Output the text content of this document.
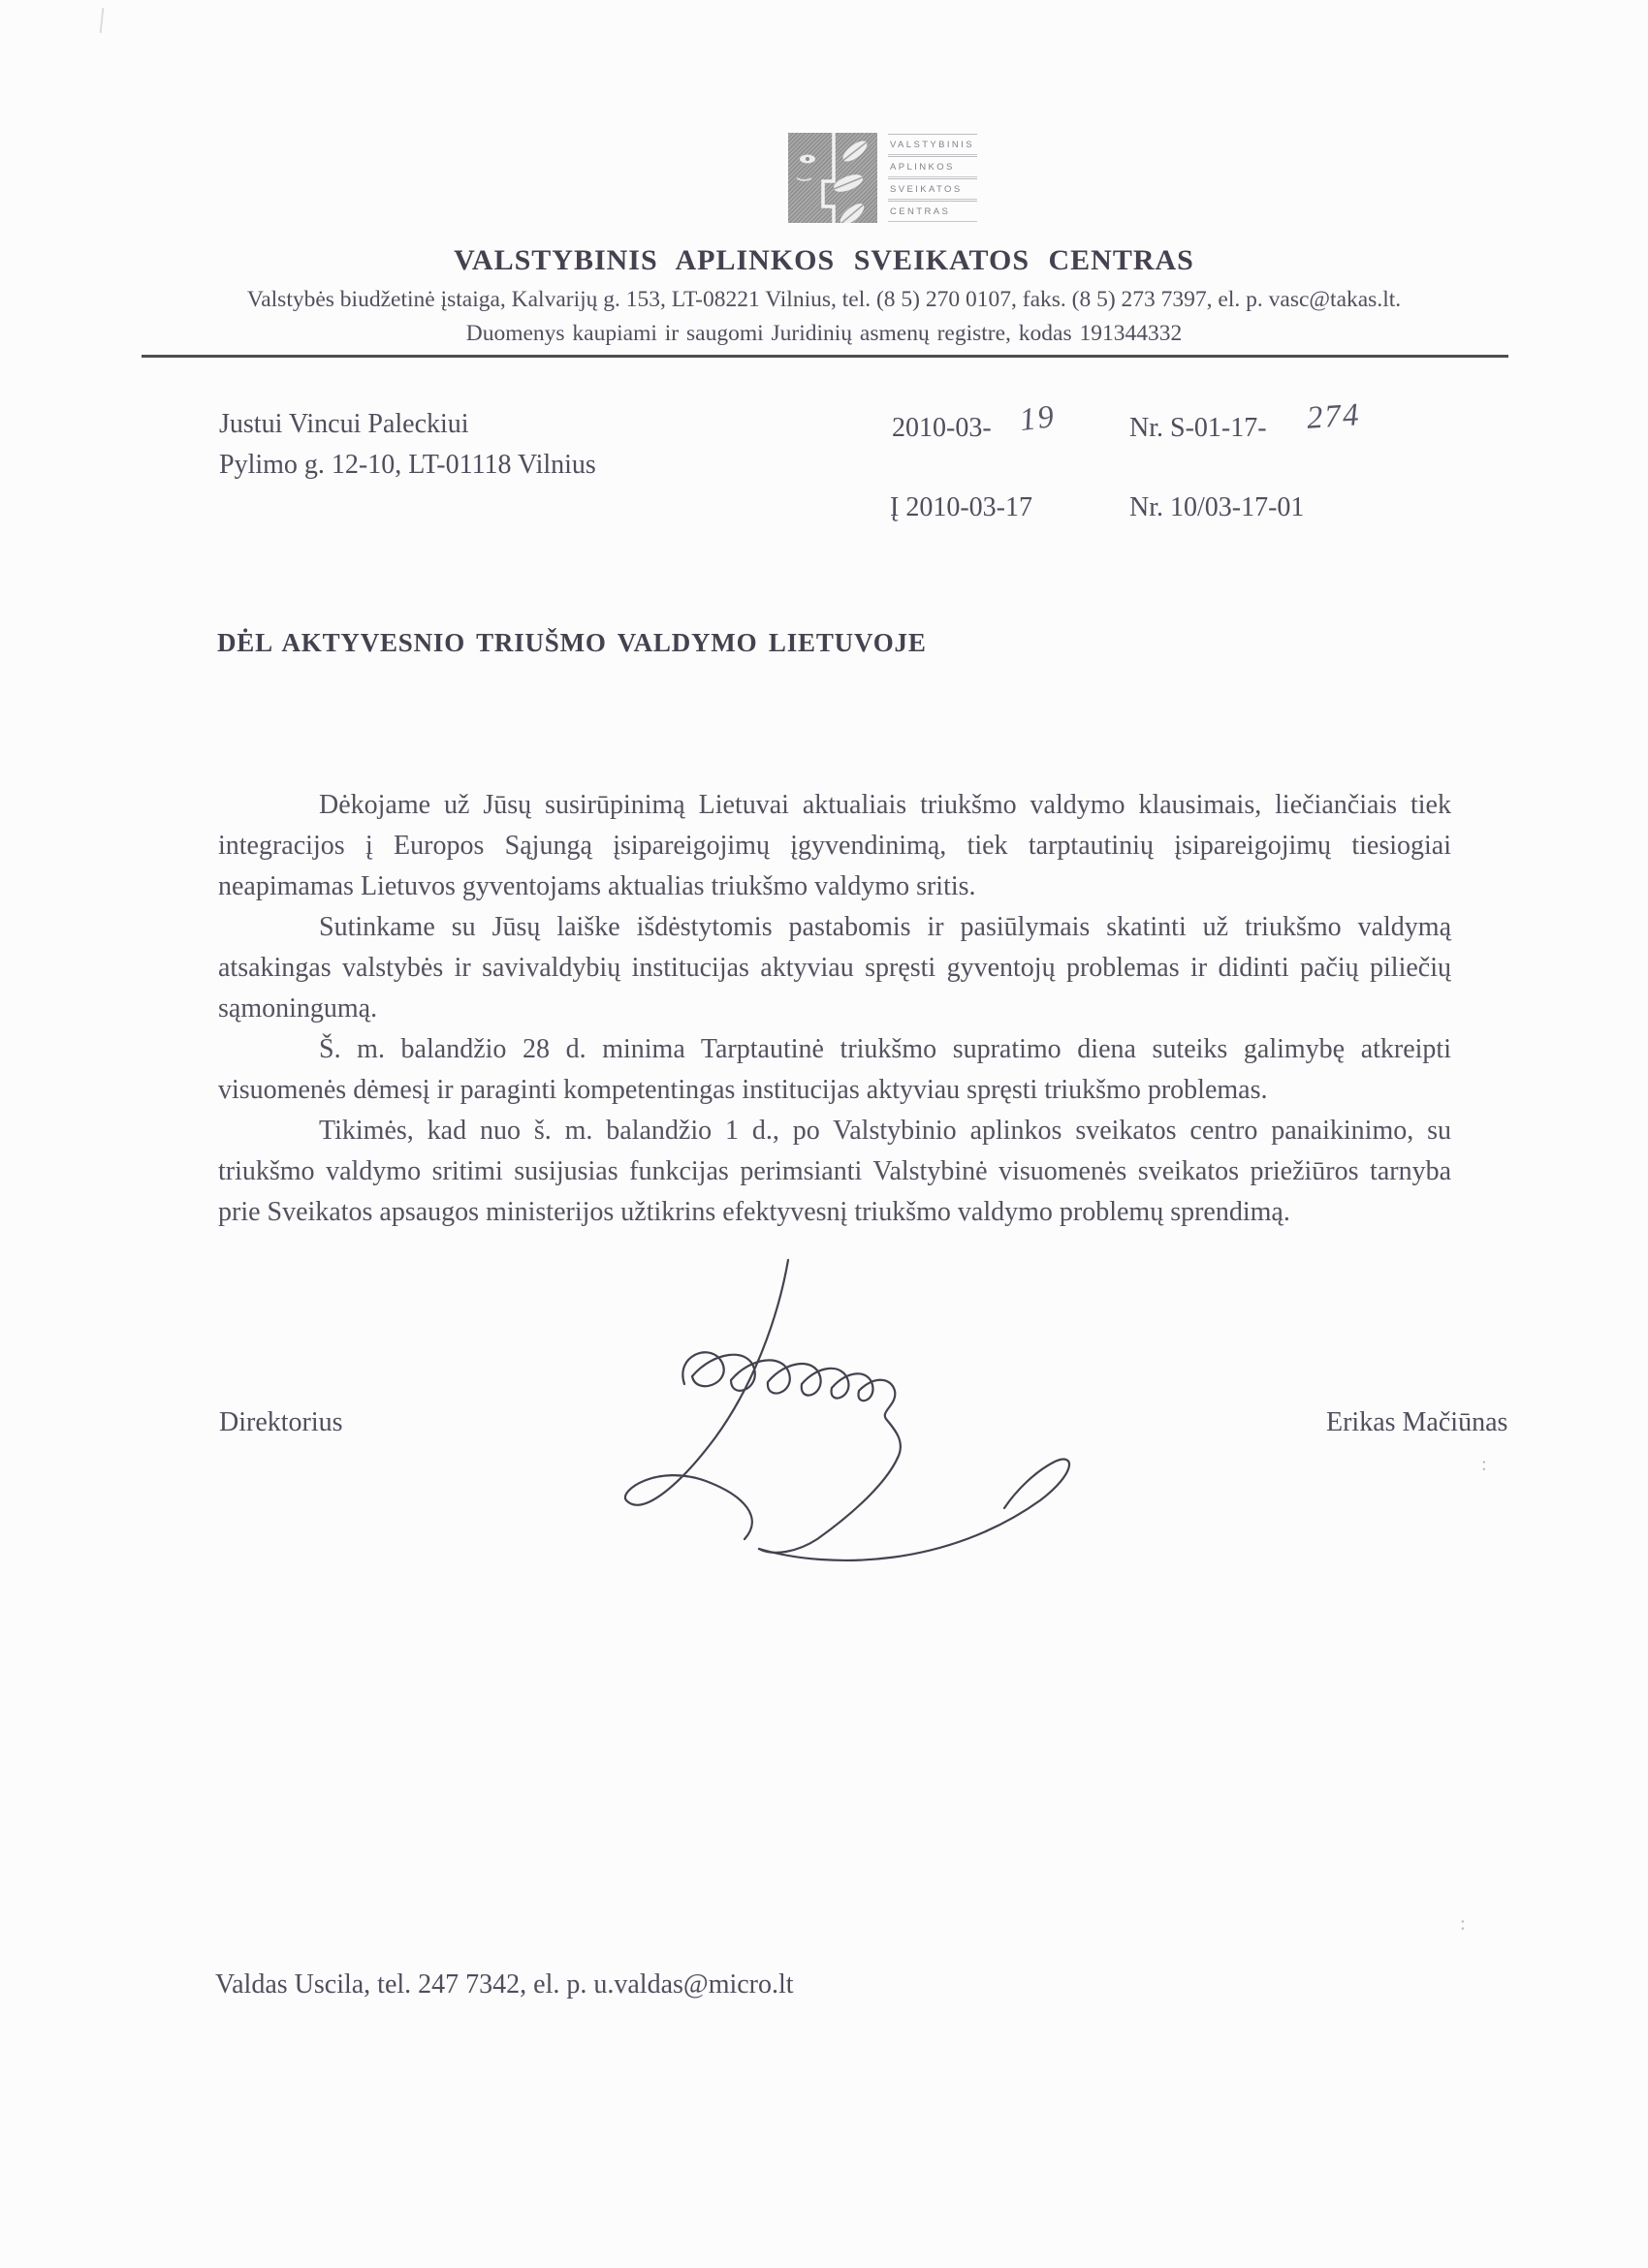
VALSTYBINIS
APLINKOS
SVEIKATOS
CENTRAS
VALSTYBINIS APLINKOS SVEIKATOS CENTRAS
Valstybės biudžetinė įstaiga, Kalvarijų g. 153, LT-08221 Vilnius, tel. (8 5) 270 0107, faks. (8 5) 273 7397, el. p. vasc@takas.lt.
Duomenys kaupiami ir saugomi Juridinių asmenų registre, kodas 191344332
Justui Vincui Paleckiui
Pylimo g. 12-10, LT-01118 Vilnius
2010-03- 19	Nr. S-01-17- 274
Į 2010-03-17	Nr. 10/03-17-01
DĖL AKTYVESNIO TRIUŠMO VALDYMO LIETUVOJE

Dėkojame už Jūsų susirūpinimą Lietuvai aktualiais triukšmo valdymo klausimais, liečiančiais tiek integracijos į Europos Sąjungą įsipareigojimų įgyvendinimą, tiek tarptautinių įsipareigojimų tiesiogiai neapimamas Lietuvos gyventojams aktualias triukšmo valdymo sritis.

Sutinkame su Jūsų laiške išdėstytomis pastabomis ir pasiūlymais skatinti už triukšmo valdymą atsakingas valstybės ir savivaldybių institucijas aktyviau spręsti gyventojų problemas ir didinti pačių piliečių sąmoningumą.

Š. m. balandžio 28 d. minima Tarptautinė triukšmo supratimo diena suteiks galimybę atkreipti visuomenės dėmesį ir paraginti kompetentingas institucijas aktyviau spręsti triukšmo problemas.

Tikimės, kad nuo š. m. balandžio 1 d., po Valstybinio aplinkos sveikatos centro panaikinimo, su triukšmo valdymo sritimi susijusias funkcijas perimsianti Valstybinė visuomenės sveikatos priežiūros tarnyba prie Sveikatos apsaugos ministerijos užtikrins efektyvesnį triukšmo valdymo problemų sprendimą.

Direktorius	Erikas Mačiūnas
Valdas Uscila, tel. 247 7342, el. p. u.valdas@micro.lt
:
:
